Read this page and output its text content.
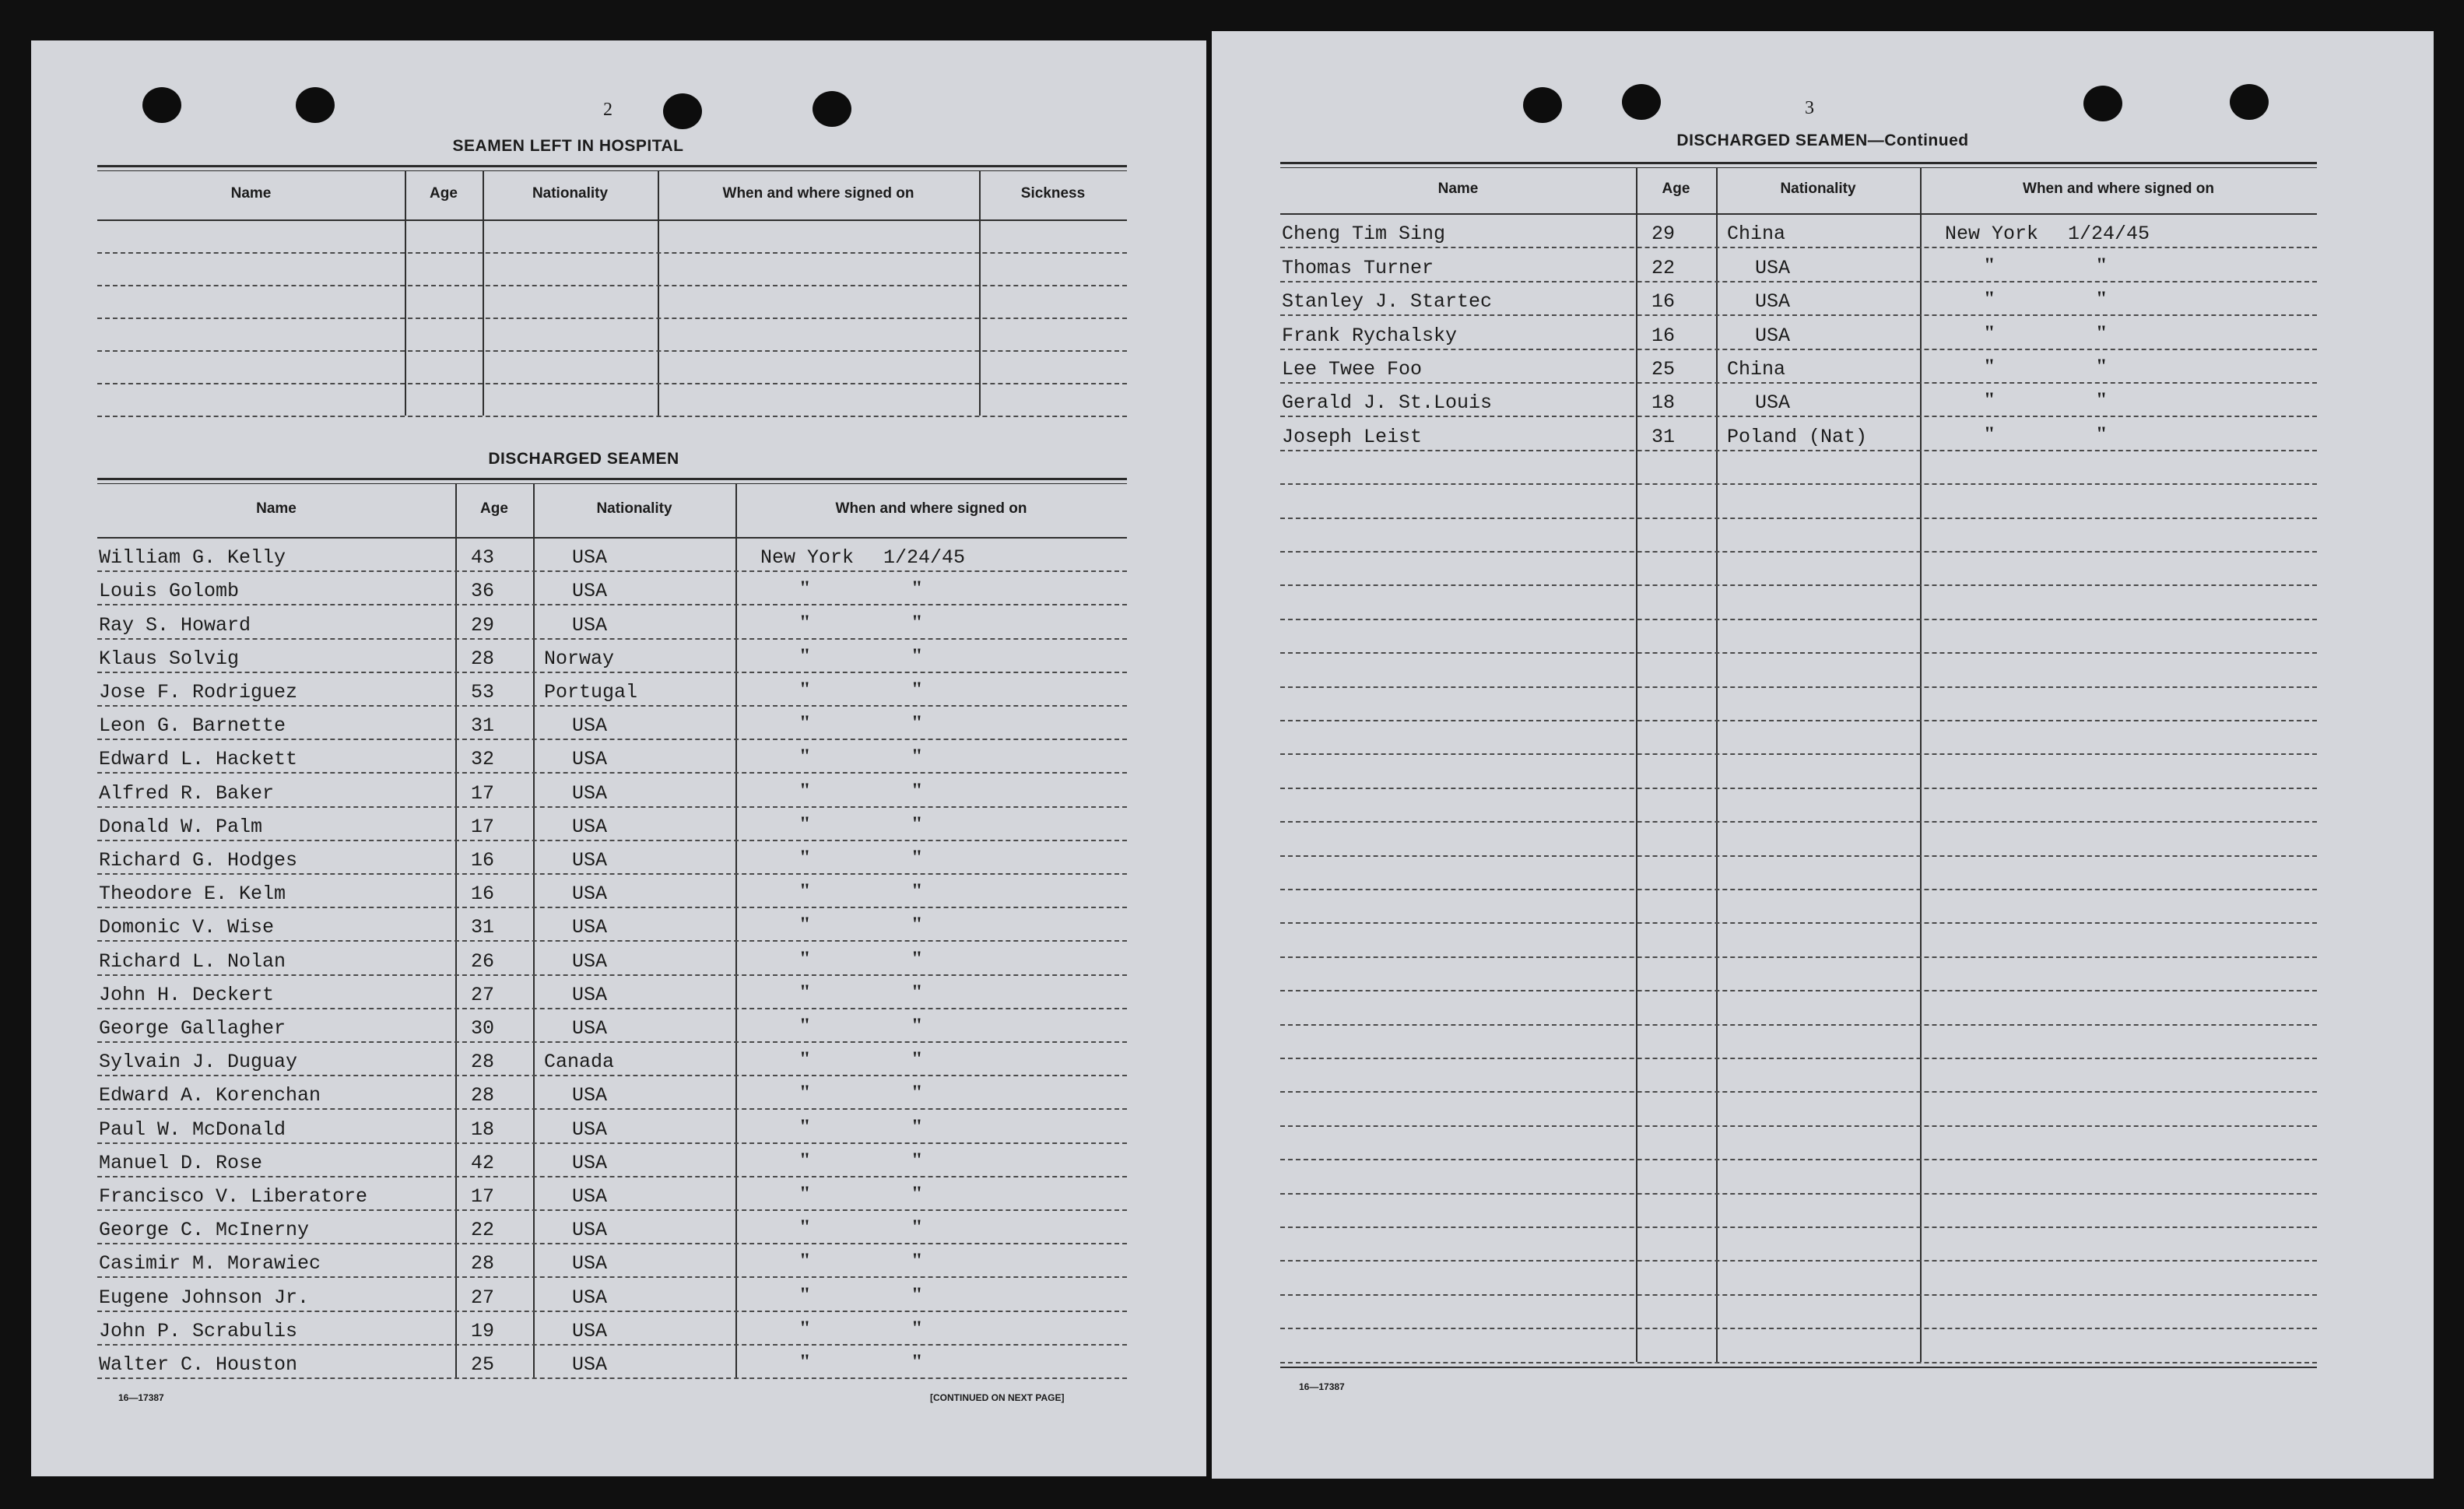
2
SEAMEN LEFT IN HOSPITAL
Name	Age	Nationality	When and where signed on	Sickness
DISCHARGED SEAMEN
Name	Age	Nationality	When and where signed on
William G. Kelly	43	USA	New York 1/24/45
Louis Golomb	36	USA	"	"
Ray S. Howard	29	USA	"	"
Klaus Solvig	28	Norway	"	"
Jose F. Rodriguez	53	Portugal	"	"
Leon G. Barnette	31	USA	"	"
Edward L. Hackett	32	USA	"	"
Alfred R. Baker	17	USA	"	"
Donald W. Palm	17	USA	"	"
Richard G. Hodges	16	USA	"	"
Theodore E. Kelm	16	USA	"	"
Domonic V. Wise	31	USA	"	"
Richard L. Nolan	26	USA	"	"
John H. Deckert	27	USA	"	"
George Gallagher	30	USA	"	"
Sylvain J. Duguay	28	Canada	"	"
Edward A. Korenchan	28	USA	"	"
Paul W. McDonald	18	USA	"	"
Manuel D. Rose	42	USA	"	"
Francisco V. Liberatore	17	USA	"	"
George C. McInerny	22	USA	"	"
Casimir M. Morawiec	28	USA	"	"
Eugene Johnson Jr.	27	USA	"	"
John P. Scrabulis	19	USA	"	"
Walter C. Houston	25	USA	"	"
16—17387	[CONTINUED ON NEXT PAGE]
3
DISCHARGED SEAMEN—Continued
Name	Age	Nationality	When and where signed on
Cheng Tim Sing	29	China	New York 1/24/45
Thomas Turner	22	USA	"	"
Stanley J. Startec	16	USA	"	"
Frank Rychalsky	16	USA	"	"
Lee Twee Foo	25	China	"	"
Gerald J. St.Louis	18	USA	"	"
Joseph Leist	31	Poland (Nat)	"	"
16—17387
